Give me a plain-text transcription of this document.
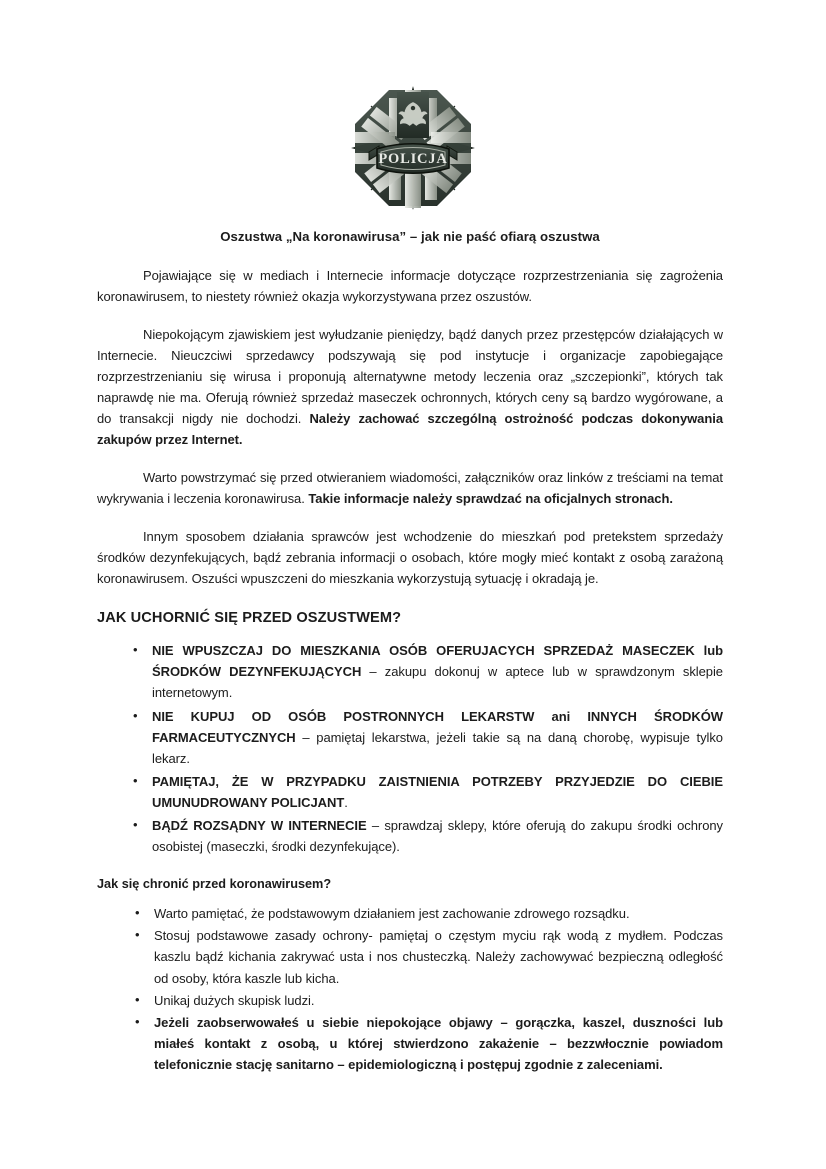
POLICJA
Oszustwa „Na koronawirusa” – jak nie paść ofiarą oszustwa

Pojawiające się w mediach i Internecie informacje dotyczące rozprzestrzeniania się zagrożenia koronawirusem, to niestety również okazja wykorzystywana przez oszustów.

Niepokojącym zjawiskiem jest wyłudzanie pieniędzy, bądź danych przez przestępców działających w Internecie. Nieuczciwi sprzedawcy podszywają się pod instytucje i organizacje zapobiegające rozprzestrzenianiu się wirusa i proponują alternatywne metody leczenia oraz „szczepionki”, których tak naprawdę nie ma. Oferują również sprzedaż maseczek ochronnych, których ceny są bardzo wygórowane, a do transakcji nigdy nie dochodzi. Należy zachować szczególną ostrożność podczas dokonywania zakupów przez Internet.

Warto powstrzymać się przed otwieraniem wiadomości, załączników oraz linków z treściami na temat wykrywania i leczenia koronawirusa. Takie informacje należy sprawdzać na oficjalnych stronach.

Innym sposobem działania sprawców jest wchodzenie do mieszkań pod pretekstem sprzedaży środków dezynfekujących, bądź zebrania informacji o osobach, które mogły mieć kontakt z osobą zarażoną koronawirusem. Oszuści wpuszczeni do mieszkania wykorzystują sytuację i okradają je.

JAK UCHORNIĆ SIĘ PRZED OSZUSTWEM?
• NIE WPUSZCZAJ DO MIESZKANIA OSÓB OFERUJACYCH SPRZEDAŻ MASECZEK lub ŚRODKÓW DEZYNFEKUJĄCYCH – zakupu dokonuj w aptece lub w sprawdzonym sklepie internetowym.
• NIE KUPUJ OD OSÓB POSTRONNYCH LEKARSTW ani INNYCH ŚRODKÓW FARMACEUTYCZNYCH – pamiętaj lekarstwa, jeżeli takie są na daną chorobę, wypisuje tylko lekarz.
• PAMIĘTAJ, ŻE W PRZYPADKU ZAISTNIENIA POTRZEBY PRZYJEDZIE DO CIEBIE UMUNUDROWANY POLICJANT.
• BĄDŹ ROZSĄDNY W INTERNECIE – sprawdzaj sklepy, które oferują do zakupu środki ochrony osobistej (maseczki, środki dezynfekujące).
Jak się chronić przed koronawirusem?
• Warto pamiętać, że podstawowym działaniem jest zachowanie zdrowego rozsądku.
• Stosuj podstawowe zasady ochrony- pamiętaj o częstym myciu rąk wodą z mydłem. Podczas kaszlu bądź kichania zakrywać usta i nos chusteczką. Należy zachowywać bezpieczną odległość od osoby, która kaszle lub kicha.
• Unikaj dużych skupisk ludzi.
• Jeżeli zaobserwowałeś u siebie niepokojące objawy – gorączka, kaszel, duszności lub miałeś kontakt z osobą, u której stwierdzono zakażenie – bezzwłocznie powiadom telefonicznie stację sanitarno – epidemiologiczną i postępuj zgodnie z zaleceniami.
